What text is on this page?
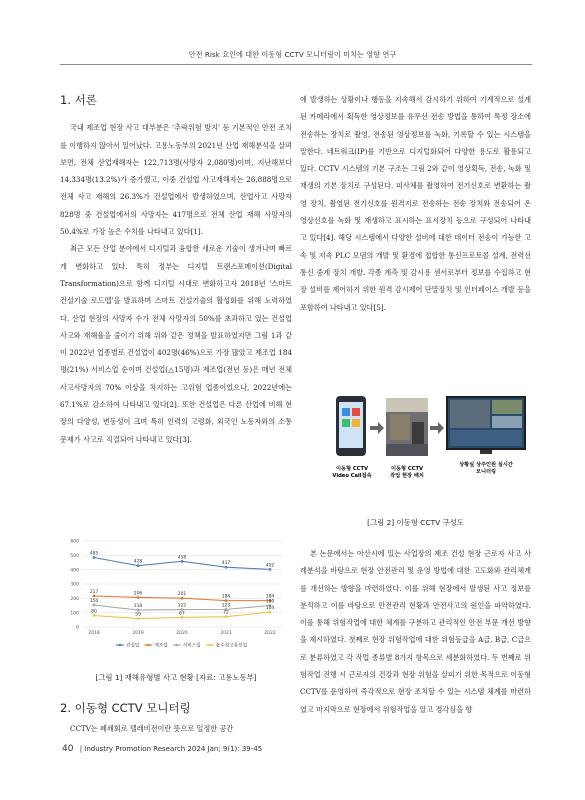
안전 Risk 요인에 대한 이동형 CCTV 모니터링이 미치는 영향 연구
1. 서론

국내 제조업 현장 사고 대부분은 '추락위험 방지' 등 기본적인 안전 조치를 이행하지 않아서 일어났다. 고용노동부의 2021년 산업 재해분석을 살펴보면, 전체 산업재해자는 122,713명(사망자 2,080명)이며, 지난해보다 14,334명(13.2%)가 증가했고, 이중 건설업 사고재해자는 26,888명으로 전체 사고 재해의 26.3%가 건설업에서 발생하였으며, 산업사고 사망자 828명 중 건설업에서의 사망자는 417명으로 전체 산업 재해 사망자의 50.4%로 가장 높은 수치를 나타내고 있다[1].

최근 모든 산업 분야에서 디지털과 융합한 새로운 기술이 생겨나며 빠르게 변화하고 있다. 특히 정부는 디지털 트랜스포메이션(Digital Transformation)으로 함께 디지털 시대로 변화하고자 2018년 '스마트 건설기술 로드맵'을 발표하며 스마트 건설기술의 활성화를 위해 노력하였다. 산업 현장의 사망자 수가 전체 사망자의 50%를 초과하고 있는 건설업 사고와 재해율을 줄이기 위해 위와 같은 정책을 발표하였지만 그림 1과 같이 2022년 업종별로 건설업이 402명(46%)으로 가장 많았고 제조업 184명(21%) 서비스업 순이며 건설업(△15명)과 제조업(전년 동)은 매년 전체 사고사망자의 70% 이상을 차지하는 고위험 업종이었으나, 2022년에는 67.1%로 감소하여 나타내고 있다[2]. 또한 건설업은 다른 산업에 비해 현장의 다양성, 변동성이 크며 특히 인력의 고령화, 외국인 노동자와의 소통 문제가 사고로 직결되어 나타내고 있다[3].

0
100
200
300
400
500
600
2018	2019	2020	2021	2022
485
428
458
417	402
217	206	201	184	184
154
118	122	123
150
80
59	67	72
104
건설업	제조업	서비스업	운수창고통신업
[그림 1] 재해유형별 사고 현황 [자료: 고용노동부]
2. 이동형 CCTV 모니터링
CCTV는 폐쇄회로 텔레비전이란 뜻으로 일정한 공간

에 발생하는 상황이나 행동을 지속해서 감시하기 위하여 기계적으로 설계된 카메라에서 획득한 영상정보를 유무선 전송 방법을 통하여 특정 장소에 전송하는 장치로 촬영, 전송된 영상정보를 녹화, 기록할 수 있는 시스템을 말한다. 네트워크(IP)를 기반으로 디지털화되어 다양한 용도로 활용되고 있다. CCTV 시스템의 기본 구조는 그림 2와 같이 영상획득, 전송, 녹화 및 재생의 기본 장치로 구성된다. 피사체를 촬영하여 전기신호로 변환하는 촬영 장치, 촬영된 전기신호를 원격지로 전송하는 전송 장치와 전송되어 온 영상신호를 녹화 및 재생하고 표시하는 표시장치 등으로 구성되어 나타내고 있다[4]. 해당 시스템에서 다양한 설비에 대한 데이터 전송이 가능한 고속 및 저속 PLC 모뎀의 개발 및 환경에 접합한 통신프로토콜 설계, 전력선 통신 중계 장치 개발. 각종 계측 및 감시용 센서로부터 정보를 수집하고 현장 설비를 제어하기 위한 원격 감시제어 단말장치 및 인터페이스 개발 등을 포함하여 나타내고 있다[5].

이동형 CCTV
Video Call접속
이동형 CCTV
작업 현장 배치
상황실 상주인원 실시간
모니터링
[그림 2] 이동형 CCTV 구성도

본 논문에서는 아산시에 있는 사업장의 제조 건설 현장 근로자 사고 사례분석을 바탕으로 현장 안전관리 및 운영 방법에 대한 고도화와 관리체계를 개선하는 방향을 마련하였다. 이를 위해 현장에서 발생된 사고 정보를 분석하고 이를 바탕으로 안전관리 현황과 안전사고의 원인을 파악하였다. 이를 통해 위험작업에 대한 체계를 구분하고 관리적인 안전 부문 개선 방향을 제시하였다. 첫째로 현장 위험작업에 대한 위험등급을 A급, B급, C급으로 분류하였고 각 작업 종류별 8가지 항목으로 세분화하였다. 두 번째로 위험작업 진행 시 근로자의 건강과 현장 위험을 살피기 위한 목적으로 이동형 CCTV를 운영하여 즉각적으로 현장 조치할 수 있는 시스템 체계를 마련하였고 마지막으로 현장에서 위험작업을 알고 경각심을 향

40 | Industry Promotion Research 2024 Jan; 9(1): 39-45
